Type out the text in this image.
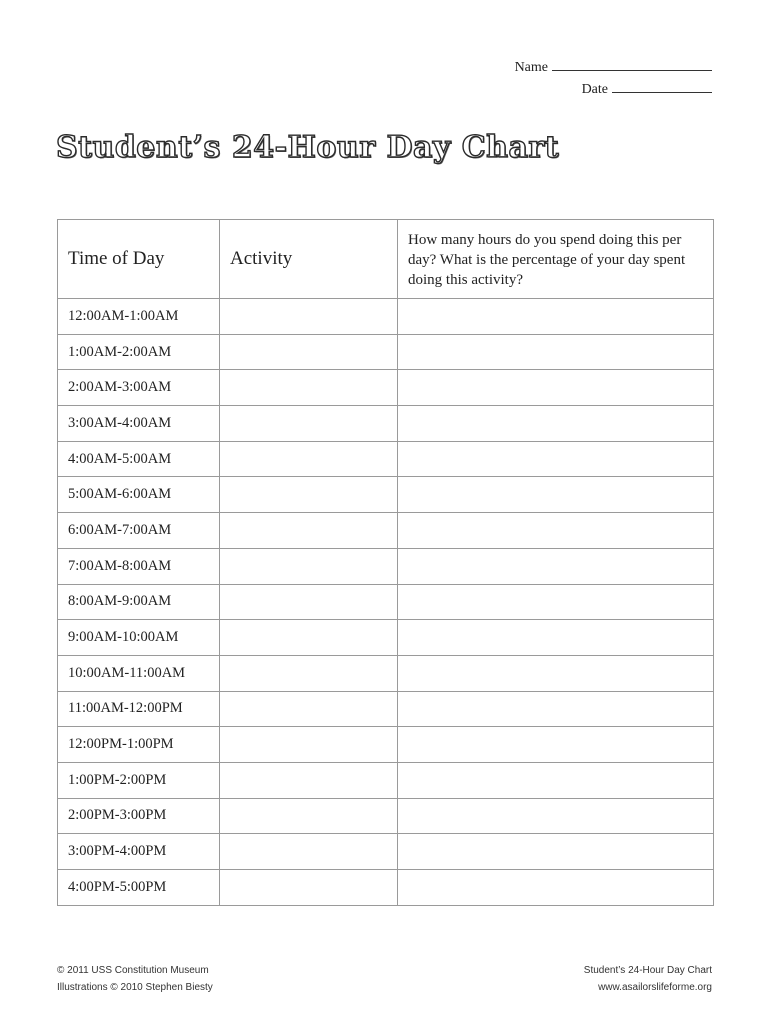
Name
Date
Student’s 24-Hour Day Chart
Time of Day	Activity	How many hours do you spend doing this per day? What is the percentage of your day spent doing this activity?
12:00AM-1:00AM		
1:00AM-2:00AM		
2:00AM-3:00AM		
3:00AM-4:00AM		
4:00AM-5:00AM		
5:00AM-6:00AM		
6:00AM-7:00AM		
7:00AM-8:00AM		
8:00AM-9:00AM		
9:00AM-10:00AM		
10:00AM-11:00AM		
11:00AM-12:00PM		
12:00PM-1:00PM		
1:00PM-2:00PM		
2:00PM-3:00PM		
3:00PM-4:00PM		
4:00PM-5:00PM		
© 2011 USS Constitution Museum
Illustrations © 2010 Stephen Biesty
Student’s 24-Hour Day Chart
www.asailorslifeforme.org
